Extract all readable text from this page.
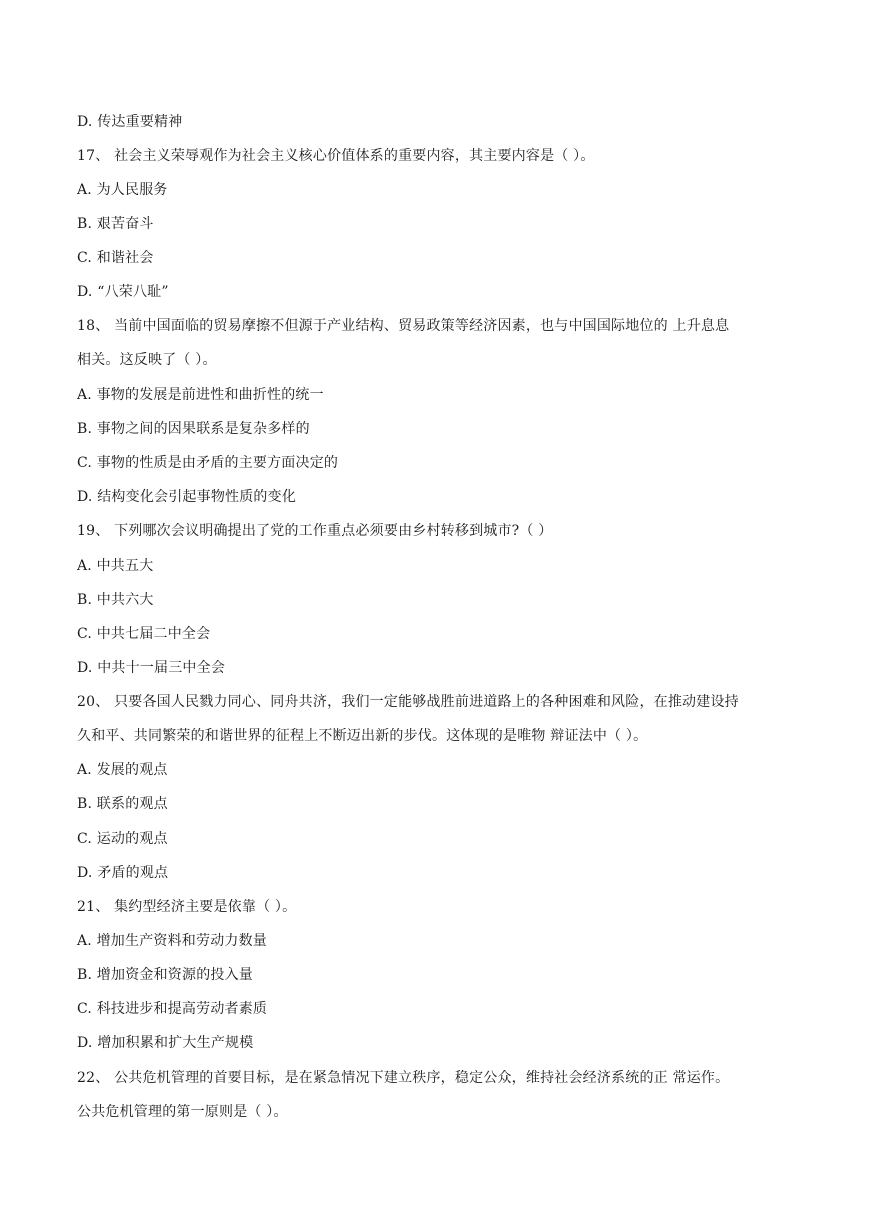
D. 传达重要精神
17、 社会主义荣辱观作为社会主义核心价值体系的重要内容，其主要内容是（ ）。
A. 为人民服务
B. 艰苦奋斗
C. 和谐社会
D. “八荣八耻”
18、 当前中国面临的贸易摩擦不但源于产业结构、贸易政策等经济因素，也与中国国际地位的 上升息息
相关。这反映了（ ）。
A. 事物的发展是前进性和曲折性的统一
B. 事物之间的因果联系是复杂多样的
C. 事物的性质是由矛盾的主要方面决定的
D. 结构变化会引起事物性质的变化
19、 下列哪次会议明确提出了党的工作重点必须要由乡村转移到城市?（ ）
A. 中共五大
B. 中共六大
C. 中共七届二中全会
D. 中共十一届三中全会
20、 只要各国人民戮力同心、同舟共济，我们一定能够战胜前进道路上的各种困难和风险，在推动建设持
久和平、共同繁荣的和谐世界的征程上不断迈出新的步伐。这体现的是唯物 辩证法中（ ）。
A. 发展的观点
B. 联系的观点
C. 运动的观点
D. 矛盾的观点
21、 集约型经济主要是依靠（ ）。
A. 增加生产资料和劳动力数量
B. 增加资金和资源的投入量
C. 科技进步和提高劳动者素质
D. 增加积累和扩大生产规模
22、 公共危机管理的首要目标，是在紧急情况下建立秩序，稳定公众，维持社会经济系统的正 常运作。
公共危机管理的第一原则是（ ）。
